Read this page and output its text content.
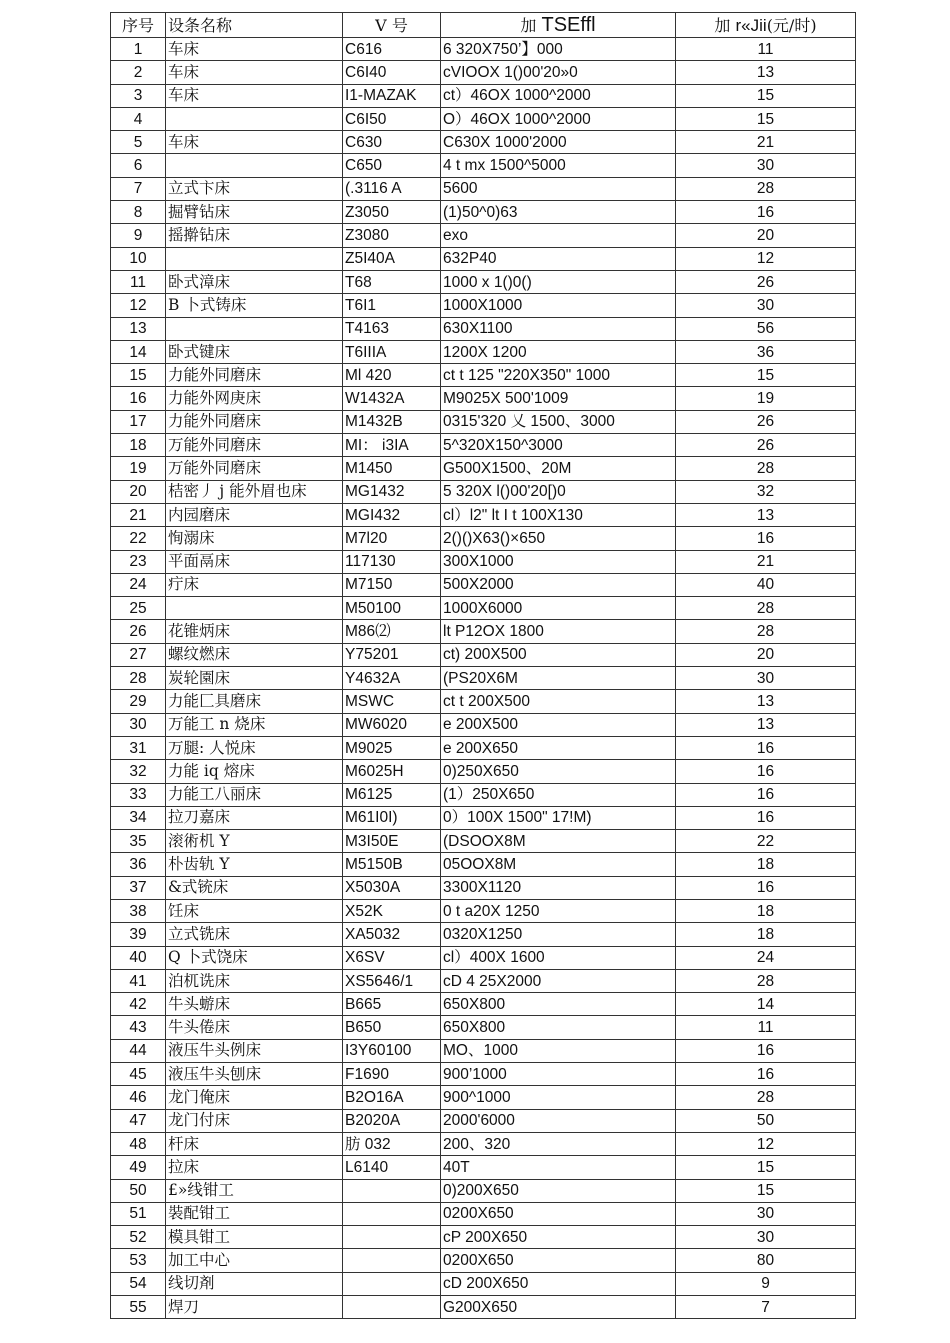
序号	设条名称	V 号	加 TSEffl	加 r«Jii(元/时)
1	车床	C616	6 320X750’】000	11
2	车床	C6I40	cVIOOX 1()00'20»0	13
3	车床	I1-MAZAK	ct）46OX 1000^2000	15
4		C6I50	O）46OX 1000^2000	15
5	车床	C630	C630X 1000'2000	21
6		C650	4 t mx 1500^5000	30
7	立式卞床	(.3116 A	5600	28
8	掘臂钻床	Z3050	(1)50^0)63	16
9	摇擀钻床	Z3080	exo	20
10		Z5I40A	632P40	12
11	卧式漳床	T68	1000 x 1()0()	26
12	B 卜式铸床	T6I1	1000X1000	30
13		T4163	630X1100	56
14	卧式键床	T6IIIA	1200X 1200	36
15	力能外同磨床	Ml 420	ct t 125 "220X350" 1000	15
16	力能外网庚床	W1432A	M9025X 500'1009	19
17	力能外同磨床	M1432B	0315'320 乂 1500、3000	26
18	万能外同磨床	MI： i3IA	5^320X150^3000	26
19	万能外同磨床	M1450	G500X1500、20M	28
20	桔密丿 j 能外眉也床	MG1432	5 320X l()00'20[)0	32
21	内园磨床	MGI432	cl）l2" lt I t 100X130	13
22	恂溺床	M7l20	2()()X63()×650	16
23	平面鬲床	117130	300X1000	21
24	疔床	M7150	500X2000	40
25		M50100	1000X6000	28
26	花锥炳床	M86⑵	lt P12OX 1800	28
27	螺纹燃床	Y75201	ct) 200X500	20
28	炭轮園床	Y4632A	(PS20X6M	30
29	力能匚具磨床	MSWC	ct t 200X500	13
30	万能工 n 烧床	MW6020	e 200X500	13
31	万腿: 人悦床	M9025	e 200X650	16
32	力能 iq 熔床	M6025H	0)250X650	16
33	力能工八丽床	M6125	(1）250X650	16
34	拉刀嘉床	M61I0I)	0）100X 1500" 17!M)	16
35	滚術机 Y	M3I50E	(DSOOX8M	22
36	朴齿轨 Y	M5150B	05OOX8M	18
37	&式铳床	X5030A	3300X1120	16
38	饪床	X52K	0 t a20X 1250	18
39	立式铣床	XA5032	0320X1250	18
40	Q 卜式饶床	X6SV	cl）400X 1600	24
41	泊杌诜床	XS5646/1	cD 4 25X2000	28
42	牛头蝣床	B665	650X800	14
43	牛头倦床	B650	650X800	11
44	液压牛头例床	I3Y60100	MO、1000	16
45	液压牛头刨床	F1690	900’1000	16
46	龙门俺床	B2O16A	900^1000	28
47	龙门付床	B2020A	2000'6000	50
48	杆床	肪 032	200、320	12
49	拉床	L6140	40T	15
50	£»线钳工		0)200X650	15
51	裝配钳工		0200X650	30
52	模具钳工		cP 200X650	30
53	加工中心		0200X650	80
54	线切剤		cD 200X650	9
55	焊刀		G200X650	7
